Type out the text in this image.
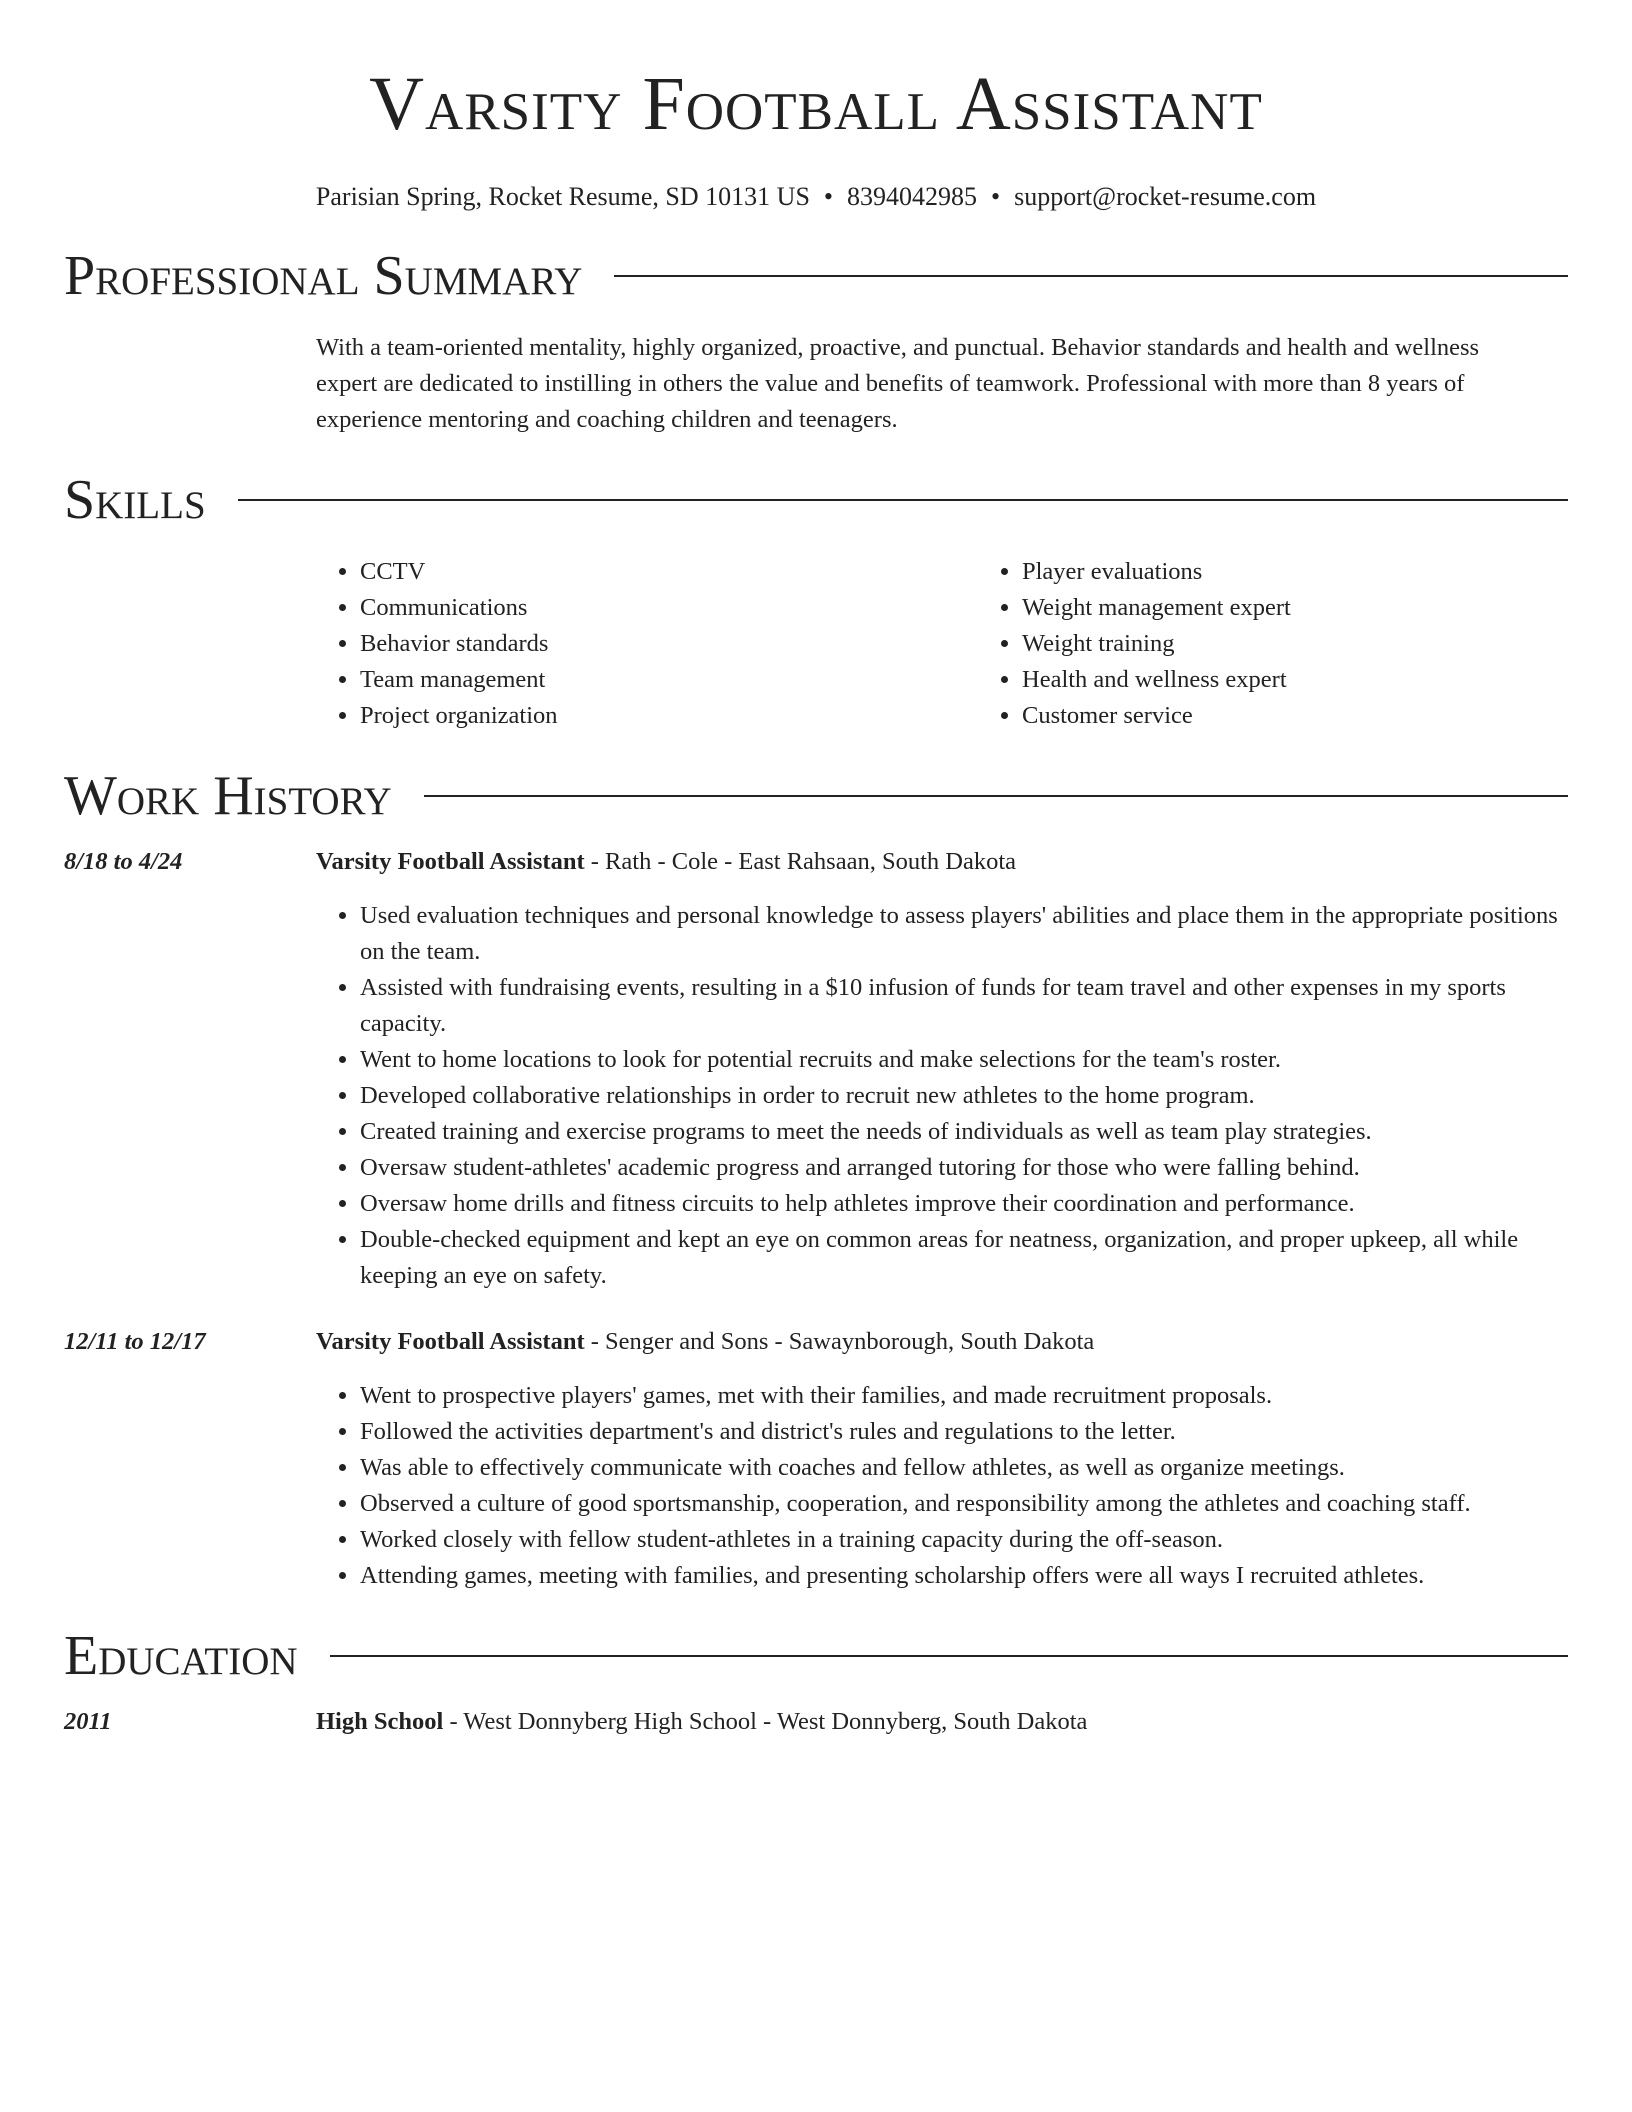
Varsity Football Assistant
Parisian Spring, Rocket Resume, SD 10131 US • 8394042985 • support@rocket-resume.com
Professional Summary
With a team-oriented mentality, highly organized, proactive, and punctual. Behavior standards and health and wellness expert are dedicated to instilling in others the value and benefits of teamwork. Professional with more than 8 years of experience mentoring and coaching children and teenagers.
Skills
• CCTV
• Communications
• Behavior standards
• Team management
• Project organization
• Player evaluations
• Weight management expert
• Weight training
• Health and wellness expert
• Customer service
Work History
8/18 to 4/24	Varsity Football Assistant - Rath - Cole - East Rahsaan, South Dakota
• Used evaluation techniques and personal knowledge to assess players' abilities and place them in the appropriate positions on the team.
• Assisted with fundraising events, resulting in a $10 infusion of funds for team travel and other expenses in my sports capacity.
• Went to home locations to look for potential recruits and make selections for the team's roster.
• Developed collaborative relationships in order to recruit new athletes to the home program.
• Created training and exercise programs to meet the needs of individuals as well as team play strategies.
• Oversaw student-athletes' academic progress and arranged tutoring for those who were falling behind.
• Oversaw home drills and fitness circuits to help athletes improve their coordination and performance.
• Double-checked equipment and kept an eye on common areas for neatness, organization, and proper upkeep, all while keeping an eye on safety.
12/11 to 12/17	Varsity Football Assistant - Senger and Sons - Sawaynborough, South Dakota
• Went to prospective players' games, met with their families, and made recruitment proposals.
• Followed the activities department's and district's rules and regulations to the letter.
• Was able to effectively communicate with coaches and fellow athletes, as well as organize meetings.
• Observed a culture of good sportsmanship, cooperation, and responsibility among the athletes and coaching staff.
• Worked closely with fellow student-athletes in a training capacity during the off-season.
• Attending games, meeting with families, and presenting scholarship offers were all ways I recruited athletes.
Education
2011	High School - West Donnyberg High School - West Donnyberg, South Dakota
